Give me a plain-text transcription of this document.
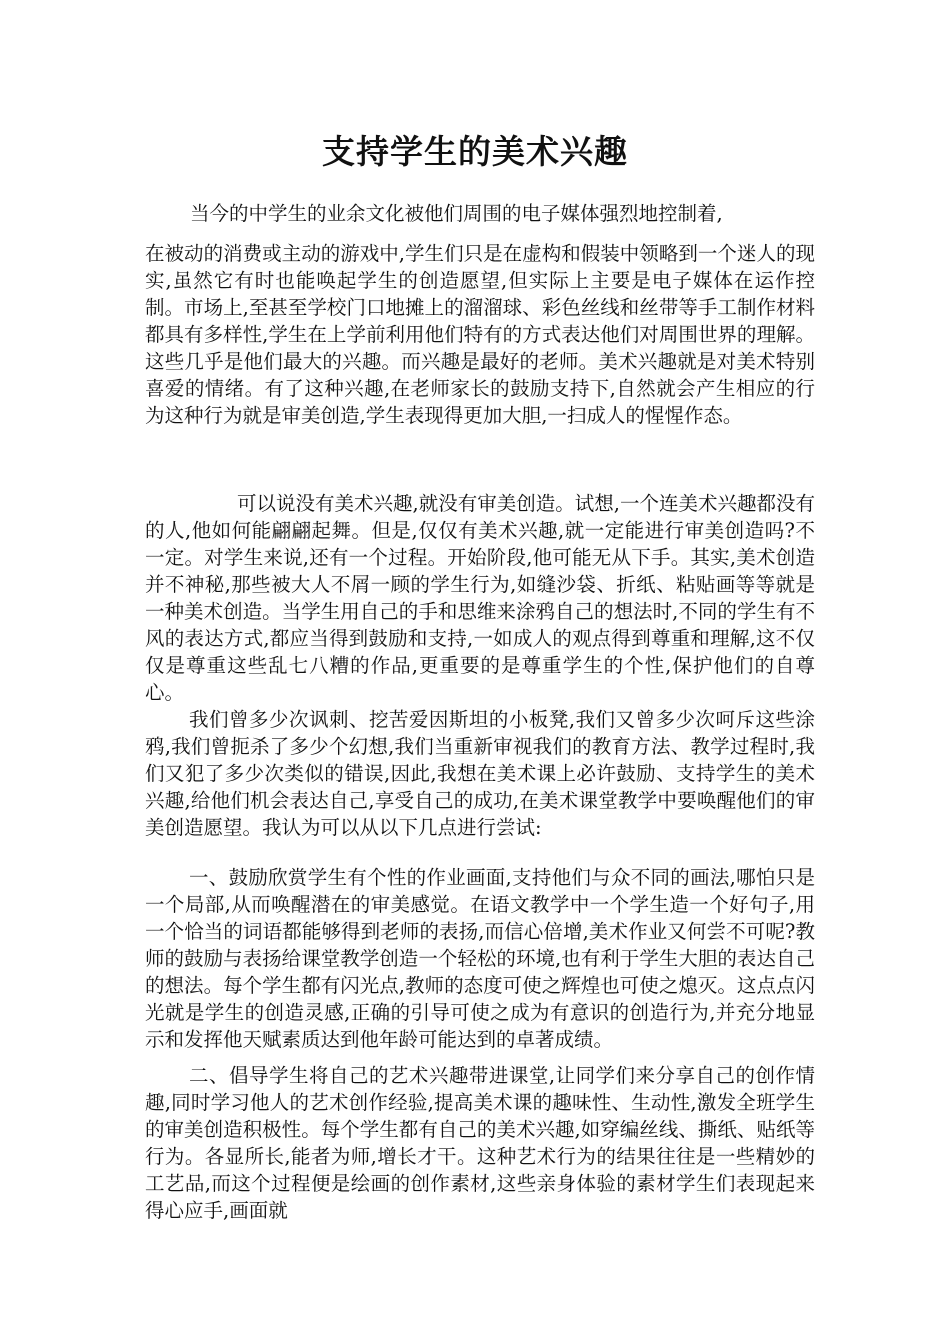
支持学生的美术兴趣

当今的中学生的业余文化被他们周围的电子媒体强烈地控制着,

在被动的消费或主动的游戏中,学生们只是在虚构和假装中领略到一个迷人的现实,虽然它有时也能唤起学生的创造愿望,但实际上主要是电子媒体在运作控制。市场上,至甚至学校门口地摊上的溜溜球、彩色丝线和丝带等手工制作材料都具有多样性,学生在上学前利用他们特有的方式表达他们对周围世界的理解。这些几乎是他们最大的兴趣。而兴趣是最好的老师。美术兴趣就是对美术特别喜爱的情绪。有了这种兴趣,在老师家长的鼓励支持下,自然就会产生相应的行为这种行为就是审美创造,学生表现得更加大胆,一扫成人的惺惺作态。

可以说没有美术兴趣,就没有审美创造。试想,一个连美术兴趣都没有的人,他如何能翩翩起舞。但是,仅仅有美术兴趣,就一定能进行审美创造吗?不一定。对学生来说,还有一个过程。开始阶段,他可能无从下手。其实,美术创造并不神秘,那些被大人不屑一顾的学生行为,如缝沙袋、折纸、粘贴画等等就是一种美术创造。当学生用自己的手和思维来涂鸦自己的想法时,不同的学生有不风的表达方式,都应当得到鼓励和支持,一如成人的观点得到尊重和理解,这不仅仅是尊重这些乱七八糟的作品,更重要的是尊重学生的个性,保护他们的自尊心。

我们曾多少次讽刺、挖苦爱因斯坦的小板凳,我们又曾多少次呵斥这些涂鸦,我们曾扼杀了多少个幻想,我们当重新审视我们的教育方法、教学过程时,我们又犯了多少次类似的错误,因此,我想在美术课上必许鼓励、支持学生的美术兴趣,给他们机会表达自己,享受自己的成功,在美术课堂教学中要唤醒他们的审美创造愿望。我认为可以从以下几点进行尝试:

一、鼓励欣赏学生有个性的作业画面,支持他们与众不同的画法,哪怕只是一个局部,从而唤醒潜在的审美感觉。在语文教学中一个学生造一个好句子,用一个恰当的词语都能够得到老师的表扬,而信心倍增,美术作业又何尝不可呢?教师的鼓励与表扬给课堂教学创造一个轻松的环境,也有利于学生大胆的表达自己的想法。每个学生都有闪光点,教师的态度可使之辉煌也可使之熄灭。这点点闪光就是学生的创造灵感,正确的引导可使之成为有意识的创造行为,并充分地显示和发挥他天赋素质达到他年龄可能达到的卓著成绩。

二、倡导学生将自己的艺术兴趣带进课堂,让同学们来分享自己的创作情趣,同时学习他人的艺术创作经验,提高美术课的趣味性、生动性,激发全班学生的审美创造积极性。每个学生都有自己的美术兴趣,如穿编丝线、撕纸、贴纸等行为。各显所长,能者为师,增长才干。这种艺术行为的结果往往是一些精妙的工艺品,而这个过程便是绘画的创作素材,这些亲身体验的素材学生们表现起来得心应手,画面就
